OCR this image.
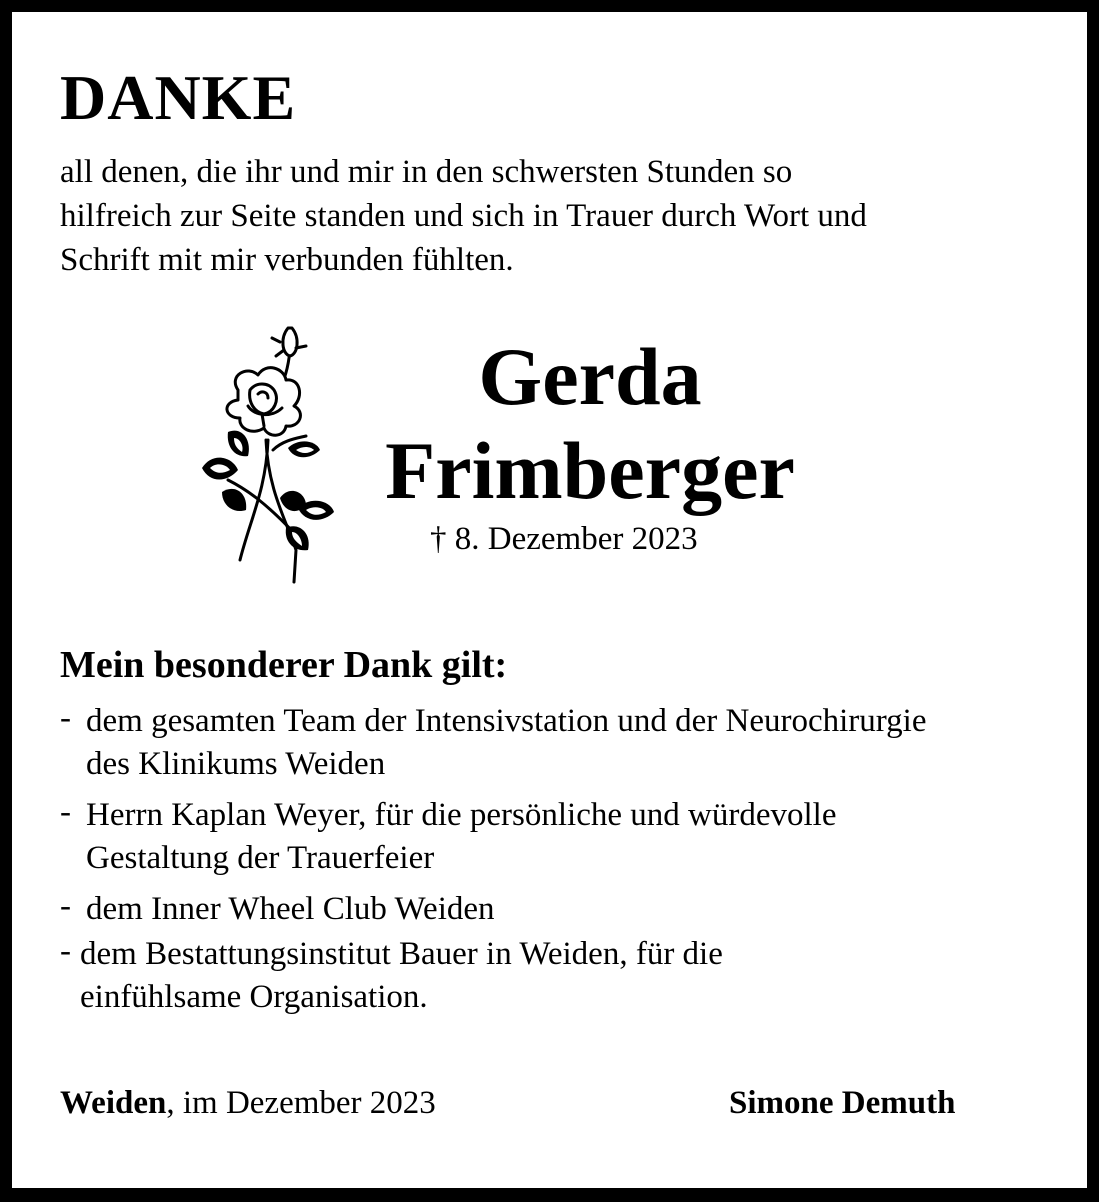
DANKE
all denen, die ihr und mir in den schwersten Stunden so
hilfreich zur Seite standen und sich in Trauer durch Wort und
Schrift mit mir verbunden fühlten.
Gerda
Frimberger
† 8. Dezember 2023
Mein besonderer Dank gilt:
- dem gesamten Team der Intensivstation und der Neurochirurgie
des Klinikums Weiden
- Herrn Kaplan Weyer, für die persönliche und würdevolle
Gestaltung der Trauerfeier
- dem Inner Wheel Club Weiden
- dem Bestattungsinstitut Bauer in Weiden, für die
einfühlsame Organisation.
Weiden, im Dezember 2023	Simone Demuth
